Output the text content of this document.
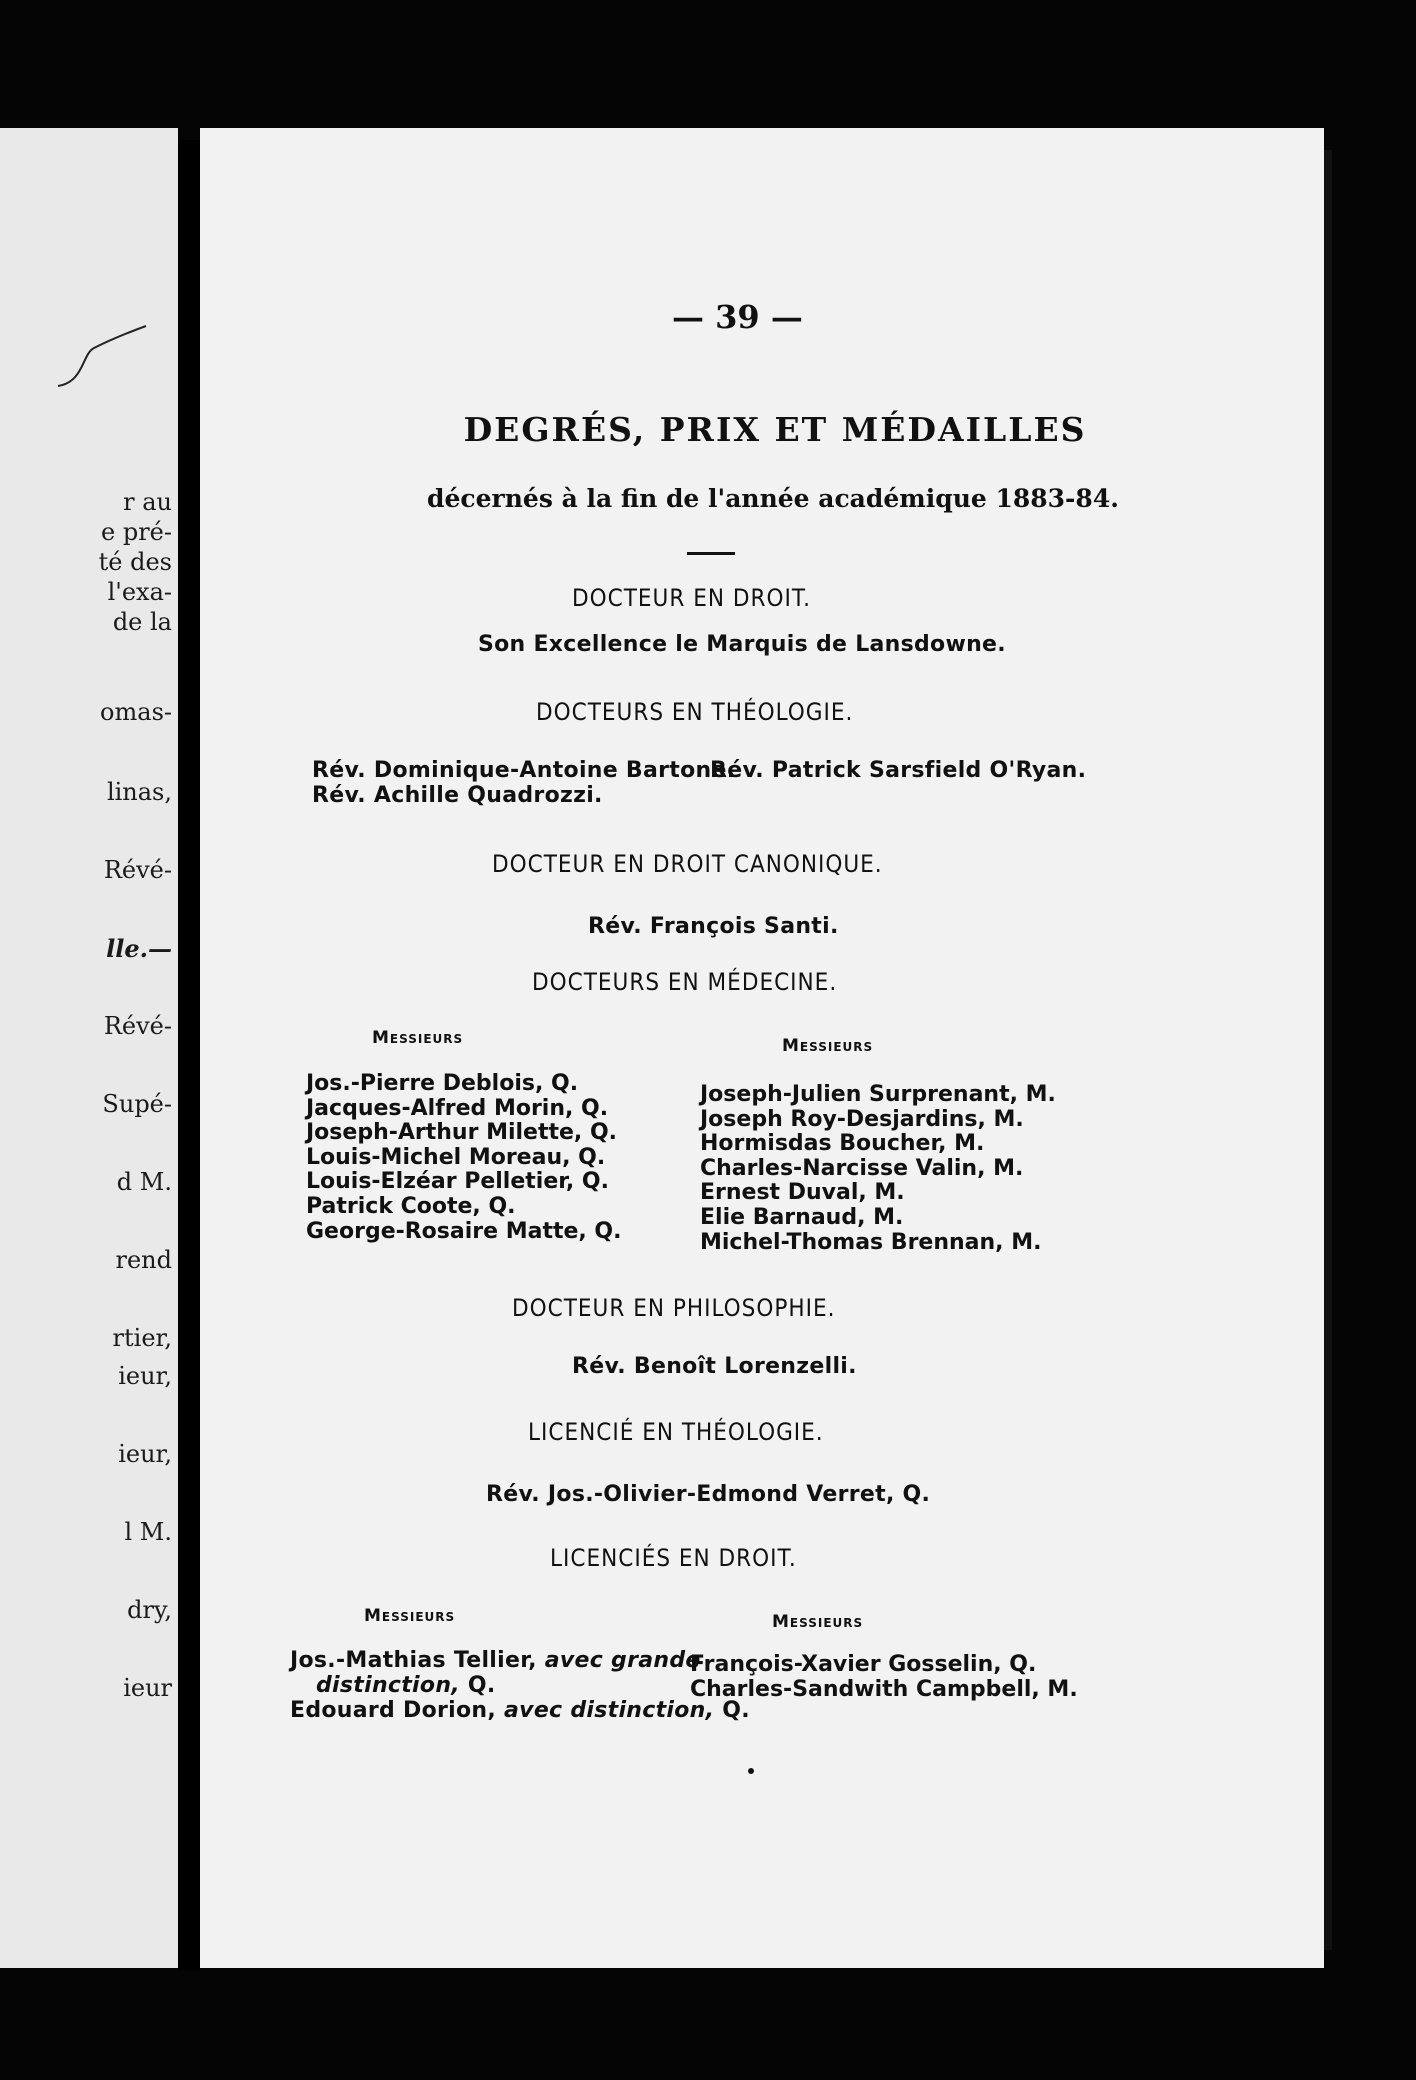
r au
e pré-
té des
l'exa-
de la
omas-
linas,
Révé-
lle.—
Révé-
Supé-
d M.
rend
rtier,
ieur,
ieur,
l M.
dry,
ieur
— 39 —
DEGRÉS, PRIX ET MÉDAILLES
décernés à la fin de l'année académique 1883-84.
DOCTEUR EN DROIT.
Son Excellence le Marquis de Lansdowne.
DOCTEURS EN THÉOLOGIE.
Rév. Dominique-Antoine Bartone.
Rév. Patrick Sarsfield O'Ryan.
Rév. Achille Quadrozzi.
DOCTEUR EN DROIT CANONIQUE.
Rév. François Santi.
DOCTEURS EN MÉDECINE.
Messieurs	Messieurs
Jos.-Pierre Deblois, Q.
Jacques-Alfred Morin, Q.
Joseph-Arthur Milette, Q.
Louis-Michel Moreau, Q.
Louis-Elzéar Pelletier, Q.
Patrick Coote, Q.
George-Rosaire Matte, Q.
Joseph-Julien Surprenant, M.
Joseph Roy-Desjardins, M.
Hormisdas Boucher, M.
Charles-Narcisse Valin, M.
Ernest Duval, M.
Elie Barnaud, M.
Michel-Thomas Brennan, M.
DOCTEUR EN PHILOSOPHIE.
Rév. Benoît Lorenzelli.
LICENCIÉ EN THÉOLOGIE.
Rév. Jos.-Olivier-Edmond Verret, Q.
LICENCIÉS EN DROIT.
Messieurs	Messieurs
Jos.-Mathias Tellier, avec grande
distinction, Q.
Edouard Dorion, avec distinction, Q.
François-Xavier Gosselin, Q.
Charles-Sandwith Campbell, M.
